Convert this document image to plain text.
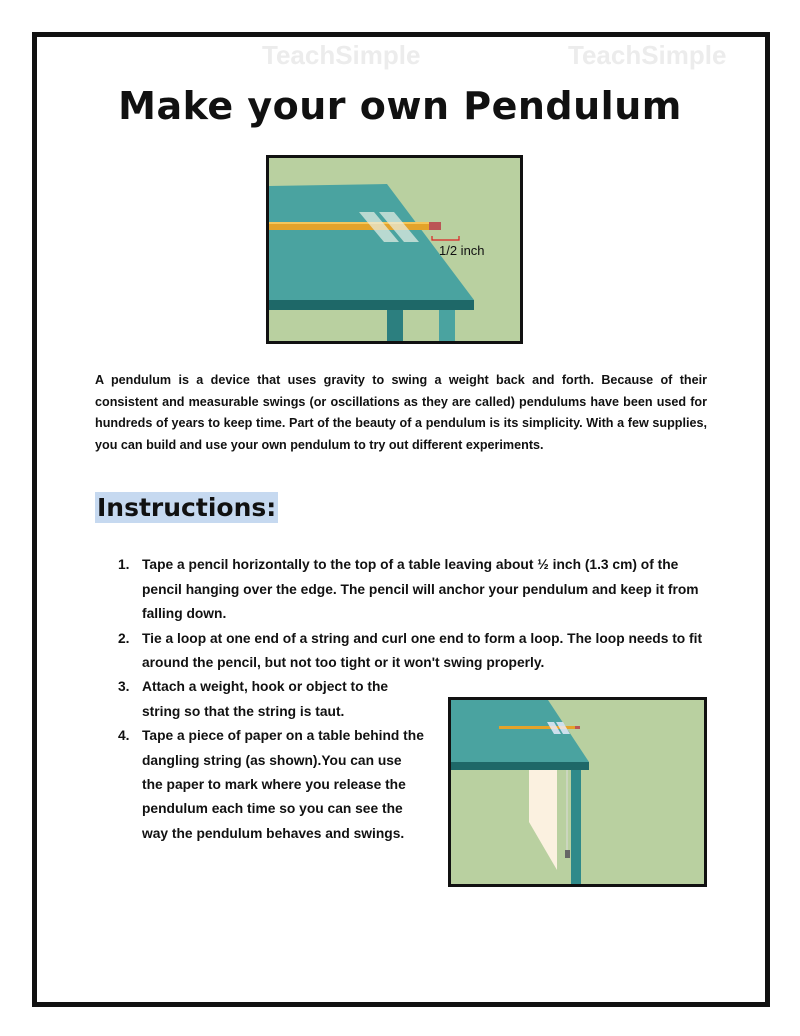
TeachSimple	TeachSimple
Make your own Pendulum
1/2 inch

A pendulum is a device that uses gravity to swing a weight back and forth. Because of their consistent and measurable swings (or oscillations as they are called) pendulums have been used for hundreds of years to keep time. Part of the beauty of a pendulum is its simplicity. With a few supplies, you can build and use your own pendulum to try out different experiments.

Instructions:
1. Tape a pencil horizontally to the top of a table leaving about ½ inch (1.3 cm) of the pencil hanging over the edge. The pencil will anchor your pendulum and keep it from falling down.
2. Tie a loop at one end of a string and curl one end to form a loop. The loop needs to fit around the pencil, but not too tight or it won't swing properly.
3. Attach a weight, hook or object to the string so that the string is taut.
4. Tape a piece of paper on a table behind the dangling string (as shown).You can use the paper to mark where you release the pendulum each time so you can see the way the pendulum behaves and swings.
